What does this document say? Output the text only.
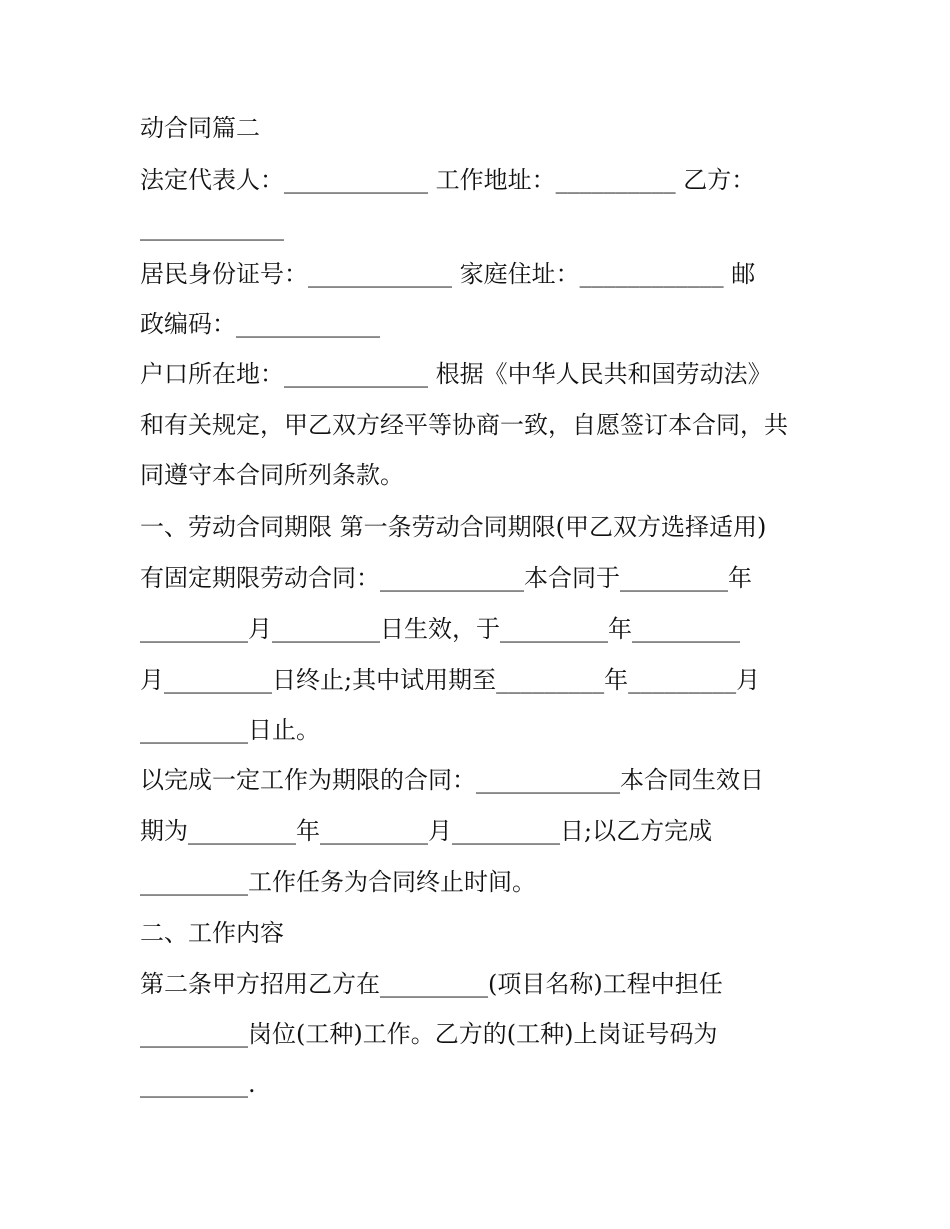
动合同篇二
法定代表人：____________ 工作地址：__________ 乙方：
____________
居民身份证号：____________ 家庭住址：____________ 邮
政编码：____________
户口所在地：____________ 根据《中华人民共和国劳动法》
和有关规定，甲乙双方经平等协商一致，自愿签订本合同，共
同遵守本合同所列条款。
一、劳动合同期限 第一条劳动合同期限(甲乙双方选择适用)
有固定期限劳动合同：____________本合同于_________年
_________月_________日生效，于_________年_________
月_________日终止;其中试用期至_________年_________月
_________日止。
以完成一定工作为期限的合同：____________本合同生效日
期为_________年_________月_________日;以乙方完成
_________工作任务为合同终止时间。
二、工作内容
第二条甲方招用乙方在_________(项目名称)工程中担任
_________岗位(工种)工作。乙方的(工种)上岗证号码为
_________.
